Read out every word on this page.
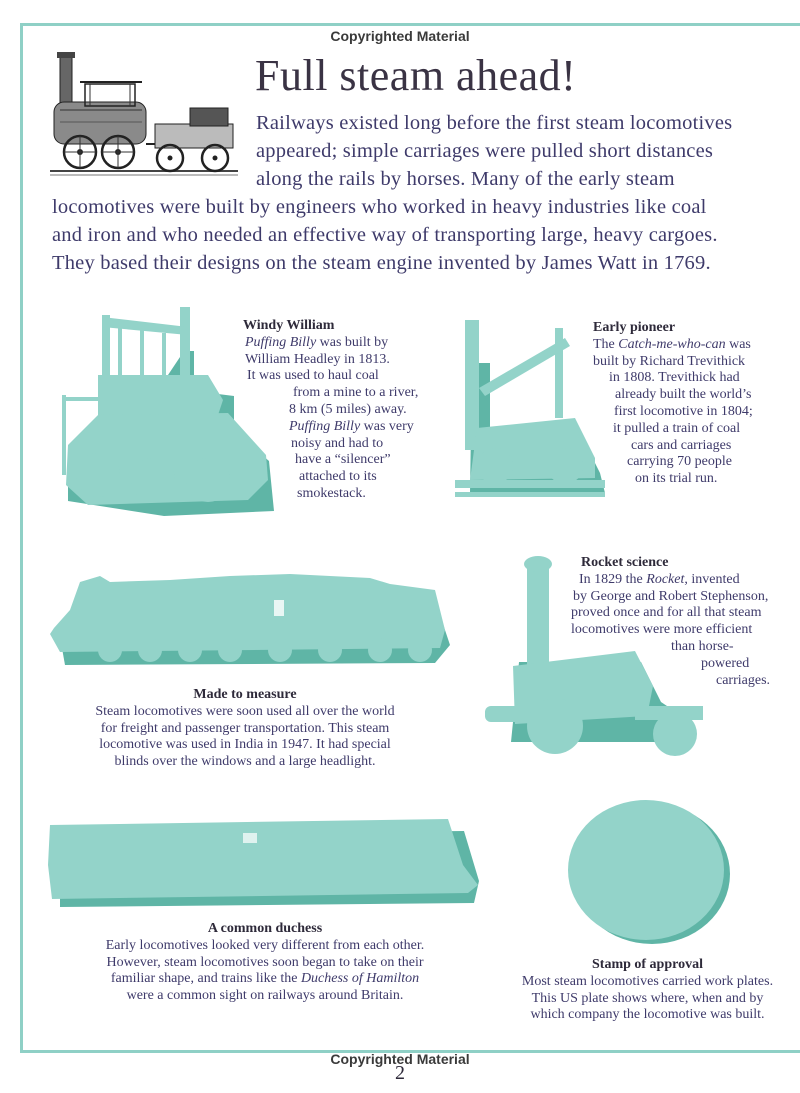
Copyrighted Material
Full steam ahead!
Railways existed long before the first steam locomotives
appeared; simple carriages were pulled short distances
along the rails by horses. Many of the early steam
locomotives were built by engineers who worked in heavy industries like coal
and iron and who needed an effective way of transporting large, heavy cargoes.
They based their designs on the steam engine invented by James Watt in 1769.
Windy William
Puffing Billy was built by
William Headley in 1813.
It was used to haul coal
from a mine to a river,
8 km (5 miles) away.
Puffing Billy was very
noisy and had to
have a “silencer”
attached to its
smokestack.
Early pioneer
The Catch-me-who-can was
built by Richard Trevithick
in 1808. Trevithick had
already built the world’s
first locomotive in 1804;
it pulled a train of coal
cars and carriages
carrying 70 people
on its trial run.
Rocket science
In 1829 the Rocket, invented
by George and Robert Stephenson,
proved once and for all that steam
locomotives were more efficient
than horse-
powered
carriages.
Made to measure
Steam locomotives were soon used all over the world
for freight and passenger transportation. This steam
locomotive was used in India in 1947. It had special
blinds over the windows and a large headlight.
A common duchess
Early locomotives looked very different from each other.
However, steam locomotives soon began to take on their
familiar shape, and trains like the Duchess of Hamilton
were a common sight on railways around Britain.
Stamp of approval
Most steam locomotives carried work plates.
This US plate shows where, when and by
which company the locomotive was built.
Copyrighted Material
2
